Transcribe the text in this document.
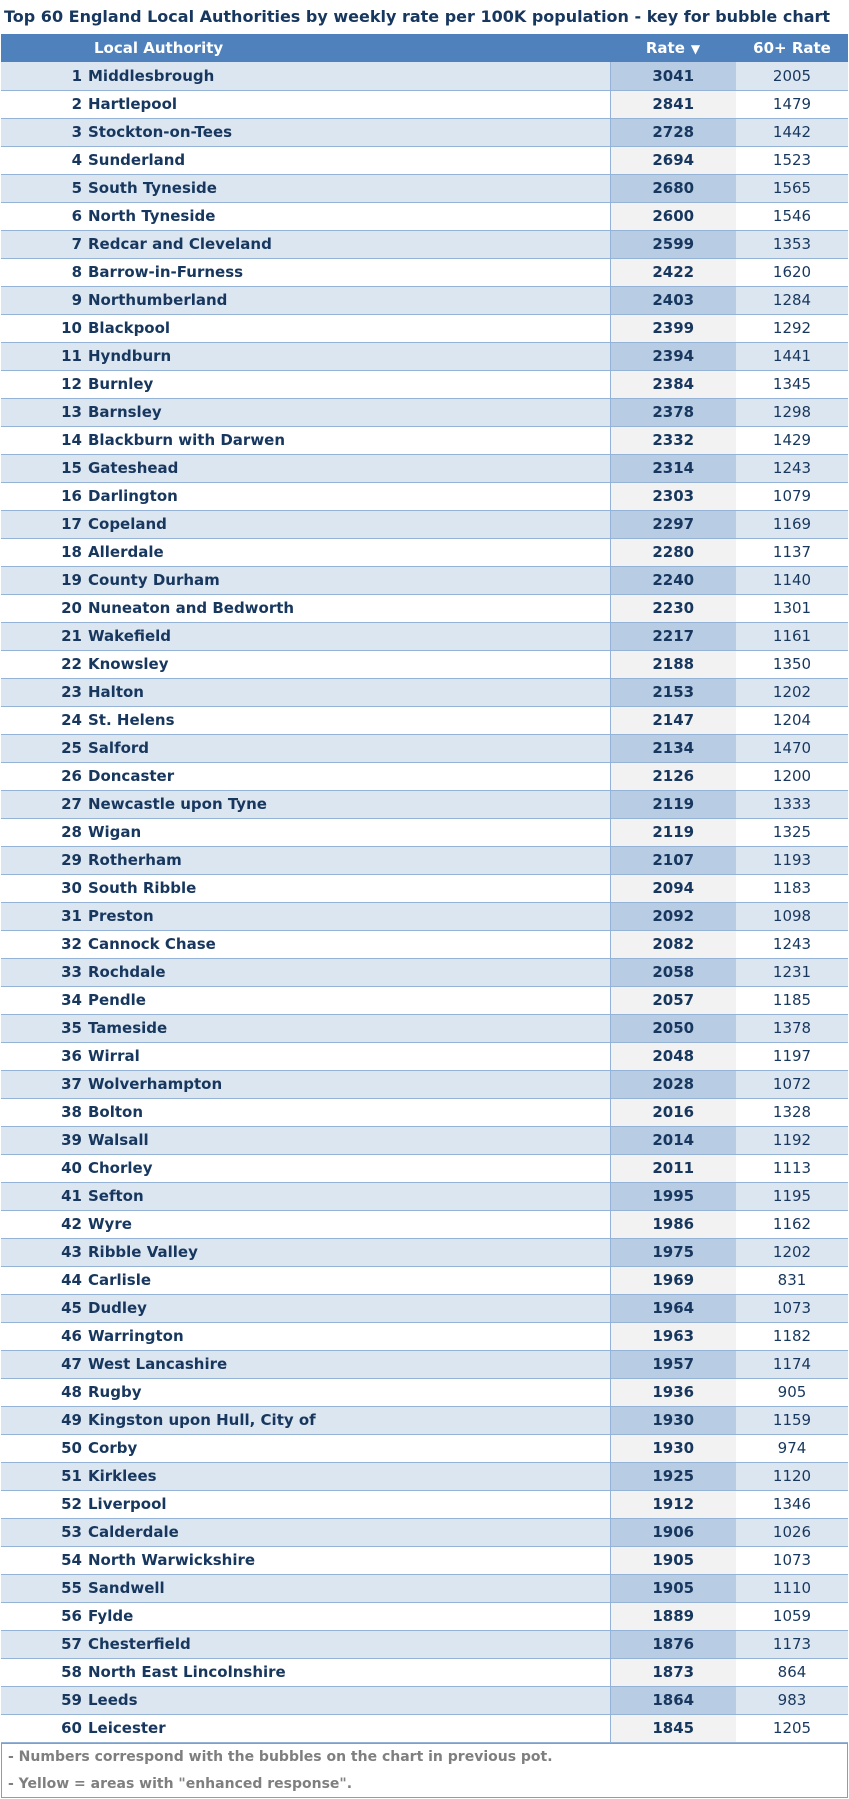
Top 60 England Local Authorities by weekly rate per 100K population - key for bubble chart
Local Authority	Rate ▼	60+ Rate
1 Middlesbrough	3041	2005
2 Hartlepool	2841	1479
3 Stockton-on-Tees	2728	1442
4 Sunderland	2694	1523
5 South Tyneside	2680	1565
6 North Tyneside	2600	1546
7 Redcar and Cleveland	2599	1353
8 Barrow-in-Furness	2422	1620
9 Northumberland	2403	1284
10 Blackpool	2399	1292
11 Hyndburn	2394	1441
12 Burnley	2384	1345
13 Barnsley	2378	1298
14 Blackburn with Darwen	2332	1429
15 Gateshead	2314	1243
16 Darlington	2303	1079
17 Copeland	2297	1169
18 Allerdale	2280	1137
19 County Durham	2240	1140
20 Nuneaton and Bedworth	2230	1301
21 Wakefield	2217	1161
22 Knowsley	2188	1350
23 Halton	2153	1202
24 St. Helens	2147	1204
25 Salford	2134	1470
26 Doncaster	2126	1200
27 Newcastle upon Tyne	2119	1333
28 Wigan	2119	1325
29 Rotherham	2107	1193
30 South Ribble	2094	1183
31 Preston	2092	1098
32 Cannock Chase	2082	1243
33 Rochdale	2058	1231
34 Pendle	2057	1185
35 Tameside	2050	1378
36 Wirral	2048	1197
37 Wolverhampton	2028	1072
38 Bolton	2016	1328
39 Walsall	2014	1192
40 Chorley	2011	1113
41 Sefton	1995	1195
42 Wyre	1986	1162
43 Ribble Valley	1975	1202
44 Carlisle	1969	831
45 Dudley	1964	1073
46 Warrington	1963	1182
47 West Lancashire	1957	1174
48 Rugby	1936	905
49 Kingston upon Hull, City of	1930	1159
50 Corby	1930	974
51 Kirklees	1925	1120
52 Liverpool	1912	1346
53 Calderdale	1906	1026
54 North Warwickshire	1905	1073
55 Sandwell	1905	1110
56 Fylde	1889	1059
57 Chesterfield	1876	1173
58 North East Lincolnshire	1873	864
59 Leeds	1864	983
60 Leicester	1845	1205
- Numbers correspond with the bubbles on the chart in previous pot.
- Yellow = areas with "enhanced response".
